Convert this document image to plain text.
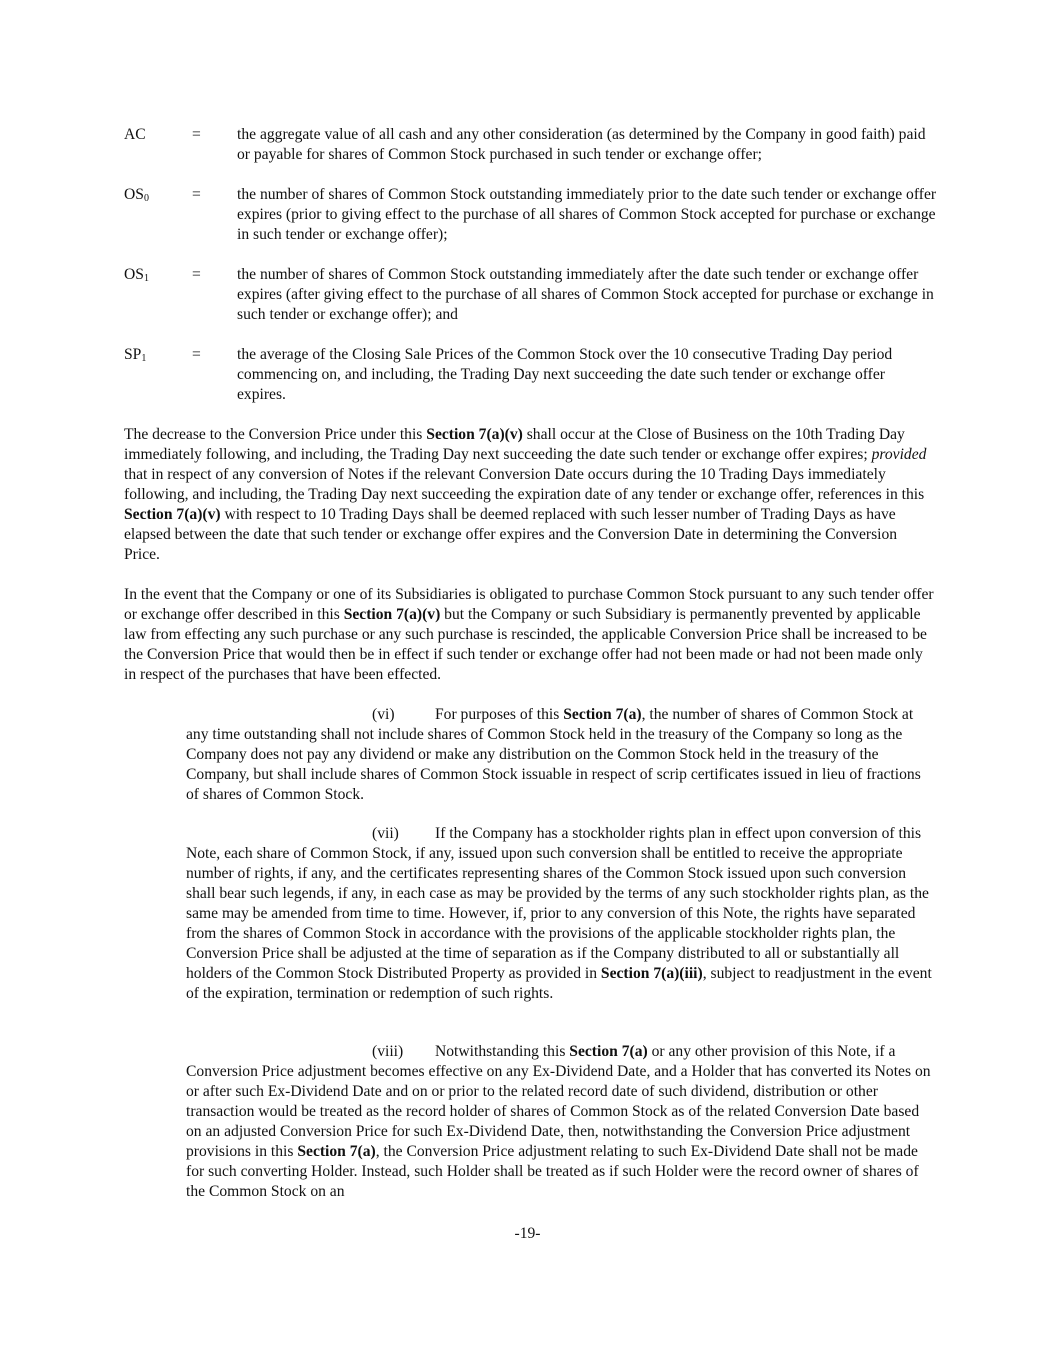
AC	=	the aggregate value of all cash and any other consideration (as determined by the Company in good faith) paid or payable for shares of Common Stock purchased in such tender or exchange offer;
$OS_0$	=	the number of shares of Common Stock outstanding immediately prior to the date such tender or exchange offer expires (prior to giving effect to the purchase of all shares of Common Stock accepted for purchase or exchange in such tender or exchange offer);
$OS_1$	=	the number of shares of Common Stock outstanding immediately after the date such tender or exchange offer expires (after giving effect to the purchase of all shares of Common Stock accepted for purchase or exchange in such tender or exchange offer); and
$SP_1$	=	the average of the Closing Sale Prices of the Common Stock over the 10 consecutive Trading Day period commencing on, and including, the Trading Day next succeeding the date such tender or exchange offer expires.

The decrease to the Conversion Price under this Section 7(a)(v) shall occur at the Close of Business on the 10th Trading Day immediately following, and including, the Trading Day next succeeding the date such tender or exchange offer expires; provided that in respect of any conversion of Notes if the relevant Conversion Date occurs during the 10 Trading Days immediately following, and including, the Trading Day next succeeding the expiration date of any tender or exchange offer, references in this Section 7(a)(v) with respect to 10 Trading Days shall be deemed replaced with such lesser number of Trading Days as have elapsed between the date that such tender or exchange offer expires and the Conversion Date in determining the Conversion Price.

In the event that the Company or one of its Subsidiaries is obligated to purchase Common Stock pursuant to any such tender offer or exchange offer described in this Section 7(a)(v) but the Company or such Subsidiary is permanently prevented by applicable law from effecting any such purchase or any such purchase is rescinded, the applicable Conversion Price shall be increased to be the Conversion Price that would then be in effect if such tender or exchange offer had not been made or had not been made only in respect of the purchases that have been effected.

(vi)	For purposes of this Section 7(a), the number of shares of Common Stock at any time outstanding shall not include shares of Common Stock held in the treasury of the Company so long as the Company does not pay any dividend or make any distribution on the Common Stock held in the treasury of the Company, but shall include shares of Common Stock issuable in respect of scrip certificates issued in lieu of fractions of shares of Common Stock.

(vii) If the Company has a stockholder rights plan in effect upon conversion of this Note, each share of Common Stock, if any, issued upon such conversion shall be entitled to receive the appropriate number of rights, if any, and the certificates representing shares of the Common Stock issued upon such conversion shall bear such legends, if any, in each case as may be provided by the terms of any such stockholder rights plan, as the same may be amended from time to time. However, if, prior to any conversion of this Note, the rights have separated from the shares of Common Stock in accordance with the provisions of the applicable stockholder rights plan, the Conversion Price shall be adjusted at the time of separation as if the Company distributed to all or substantially all holders of the Common Stock Distributed Property as provided in Section 7(a)(iii), subject to readjustment in the event of the expiration, termination or redemption of such rights.

(viii) Notwithstanding this Section 7(a) or any other provision of this Note, if a Conversion Price adjustment becomes effective on any Ex-Dividend Date, and a Holder that has converted its Notes on or after such Ex-Dividend Date and on or prior to the related record date of such dividend, distribution or other transaction would be treated as the record holder of shares of Common Stock as of the related Conversion Date based on an adjusted Conversion Price for such Ex-Dividend Date, then, notwithstanding the Conversion Price adjustment provisions in this Section 7(a), the Conversion Price adjustment relating to such Ex-Dividend Date shall not be made for such converting Holder. Instead, such Holder shall be treated as if such Holder were the record owner of shares of the Common Stock on an

-19-
